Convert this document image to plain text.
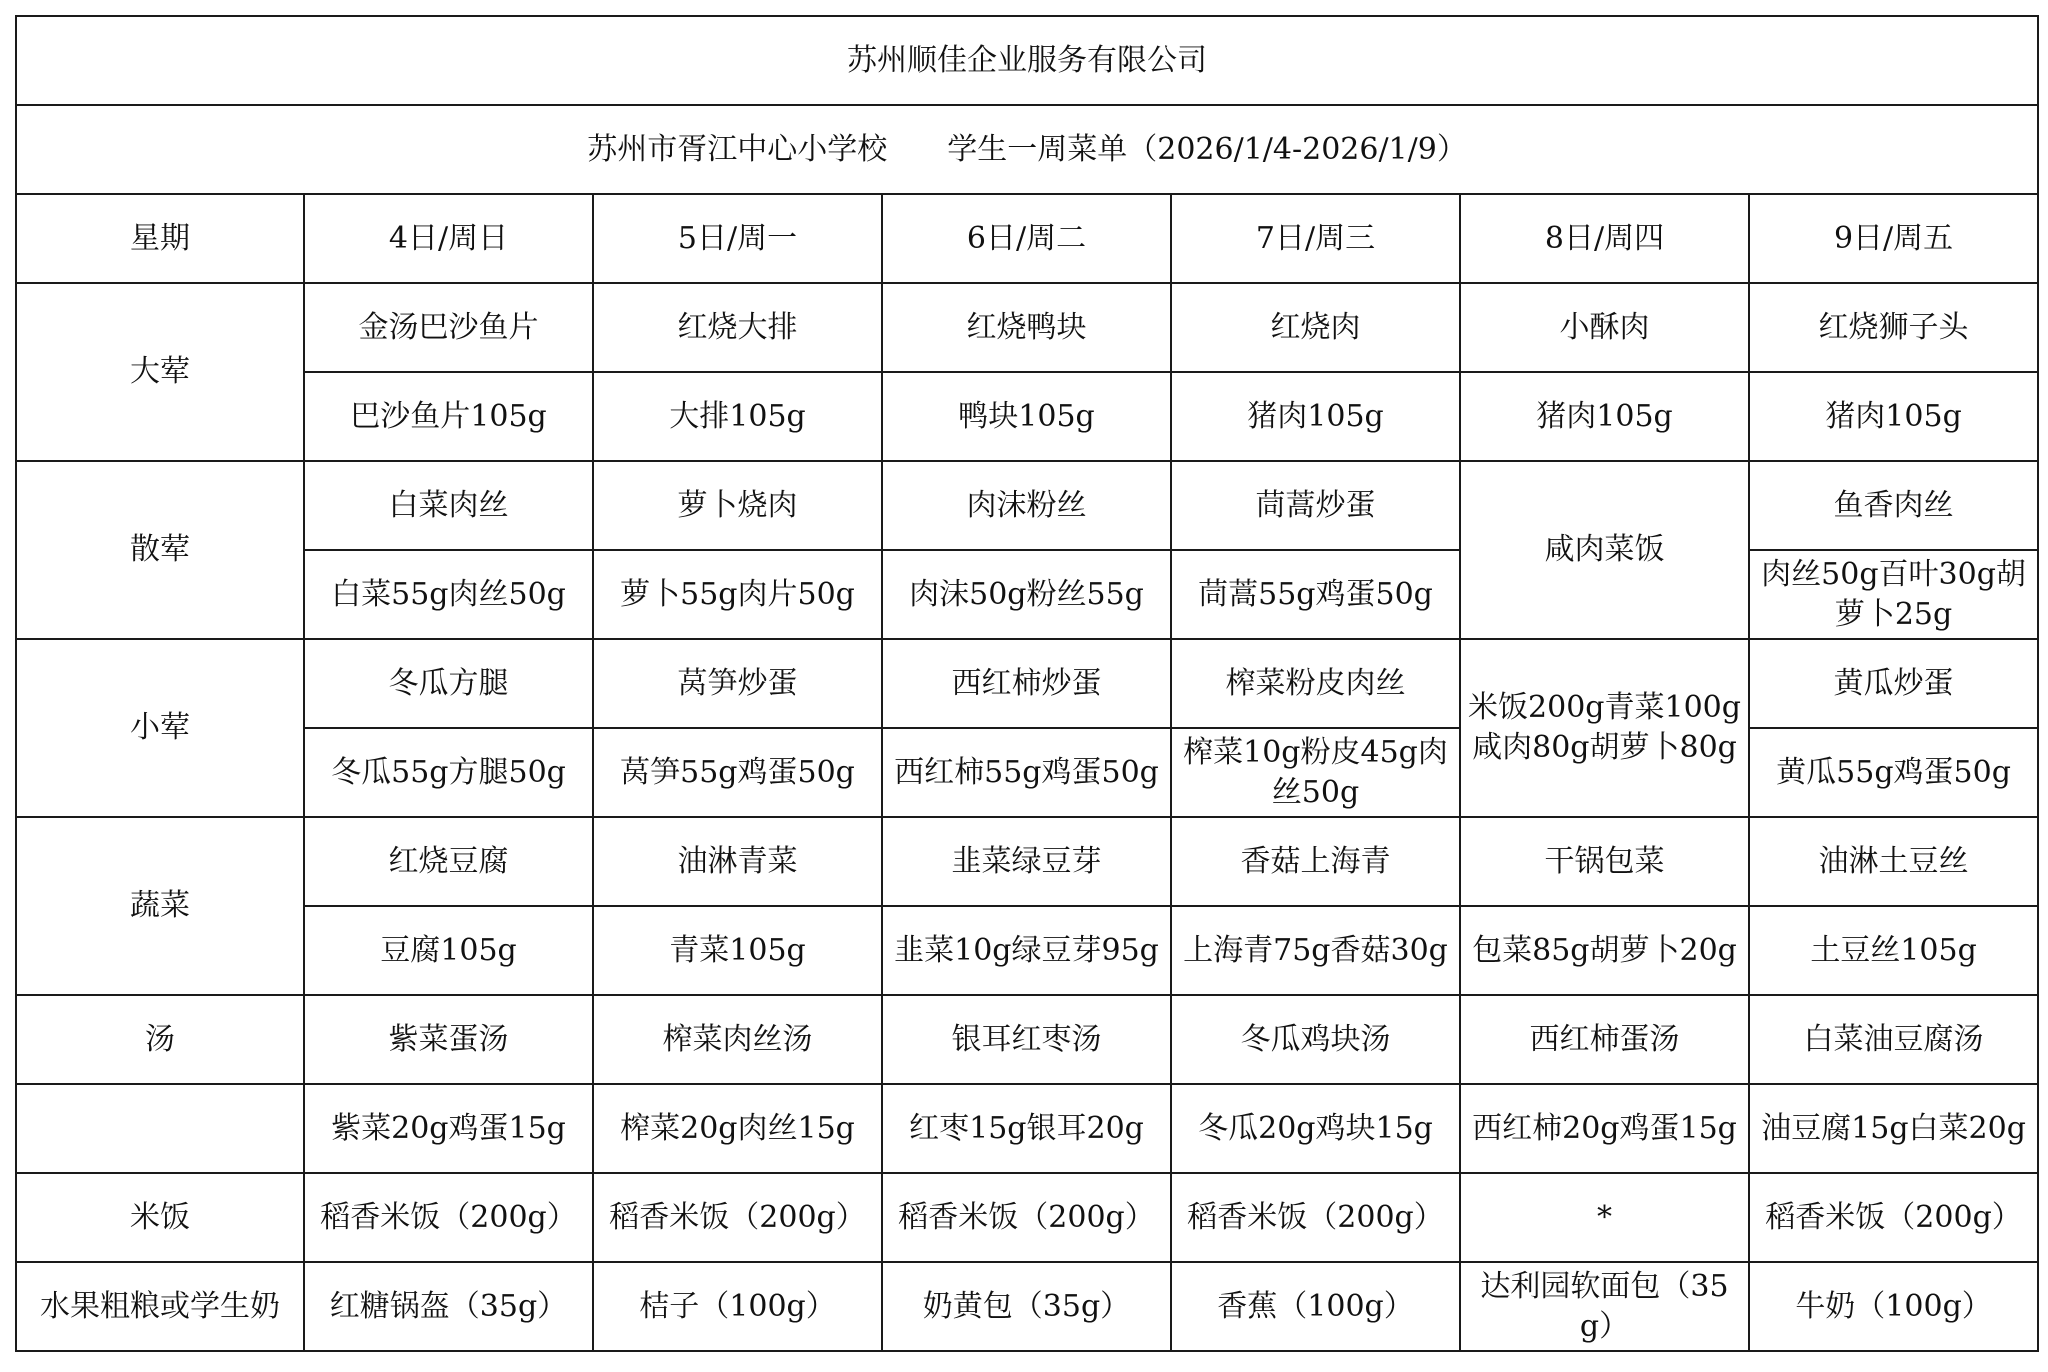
苏州顺佳企业服务有限公司						
苏州市胥江中心小学校　　学生一周菜单（2026/1/4-2026/1/9）						
星期	4日/周日	5日/周一	6日/周二	7日/周三	8日/周四	9日/周五
大荤	金汤巴沙鱼片	红烧大排	红烧鸭块	红烧肉	小酥肉	红烧狮子头
	巴沙鱼片105g	大排105g	鸭块105g	猪肉105g	猪肉105g	猪肉105g
散荤	白菜肉丝	萝卜烧肉	肉沫粉丝	茼蒿炒蛋	咸肉菜饭	鱼香肉丝
	白菜55g肉丝50g	萝卜55g肉片50g	肉沫50g粉丝55g	茼蒿55g鸡蛋50g		肉丝50g百叶30g胡萝卜25g
小荤	冬瓜方腿	莴笋炒蛋	西红柿炒蛋	榨菜粉皮肉丝	米饭200g青菜100g咸肉80g胡萝卜80g	黄瓜炒蛋
	冬瓜55g方腿50g	莴笋55g鸡蛋50g	西红柿55g鸡蛋50g	榨菜10g粉皮45g肉丝50g		黄瓜55g鸡蛋50g
蔬菜	红烧豆腐	油淋青菜	韭菜绿豆芽	香菇上海青	干锅包菜	油淋土豆丝
	豆腐105g	青菜105g	韭菜10g绿豆芽95g	上海青75g香菇30g	包菜85g胡萝卜20g	土豆丝105g
汤	紫菜蛋汤	榨菜肉丝汤	银耳红枣汤	冬瓜鸡块汤	西红柿蛋汤	白菜油豆腐汤
	紫菜20g鸡蛋15g	榨菜20g肉丝15g	红枣15g银耳20g	冬瓜20g鸡块15g	西红柿20g鸡蛋15g	油豆腐15g白菜20g
米饭	稻香米饭（200g）	稻香米饭（200g）	稻香米饭（200g）	稻香米饭（200g）	*	稻香米饭（200g）
水果粗粮或学生奶	红糖锅盔（35g）	桔子（100g）	奶黄包（35g）	香蕉（100g）	达利园软面包（35g）	牛奶（100g）
